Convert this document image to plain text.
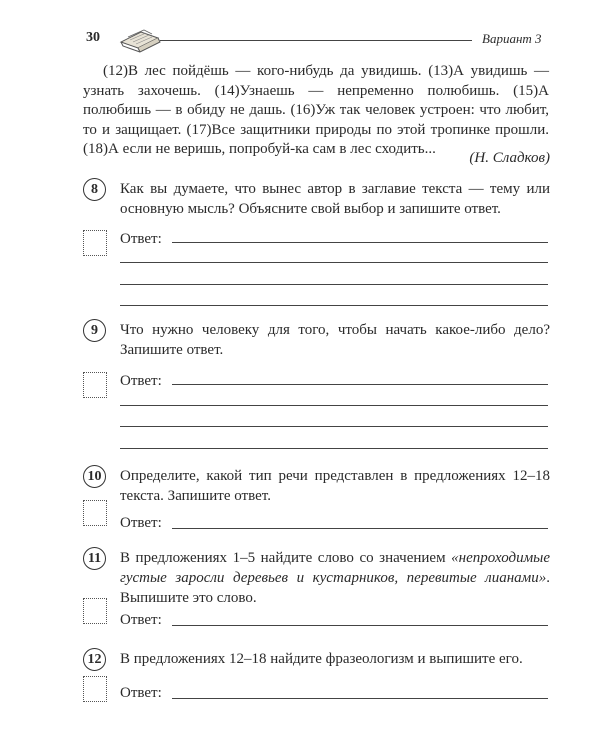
30	Вариант 3
(12)В лес пойдёшь — кого-нибудь да увидишь. (13)А увидишь — узнать захочешь. (14)Узнаешь — непременно полюбишь. (15)А полюбишь — в обиду не дашь. (16)Уж так человек устроен: что любит, то и защищает. (17)Все защитники природы по этой тропинке прошли. (18)А если не веришь, попробуй-ка сам в лес сходить...
(Н. Сладков)
8	Как вы думаете, что вынес автор в заглавие текста — тему или основную мысль? Объясните свой выбор и запишите ответ.
Ответ:
9	Что нужно человеку для того, чтобы начать какое-либо дело? Запишите ответ.
Ответ:
10	Определите, какой тип речи представлен в предложениях 12–18 текста. Запишите ответ.
Ответ:
11	В предложениях 1–5 найдите слово со значением «непроходимые густые заросли деревьев и кустарников, перевитые лианами». Выпишите это слово.
Ответ:
12	В предложениях 12–18 найдите фразеологизм и выпишите его.
Ответ:
